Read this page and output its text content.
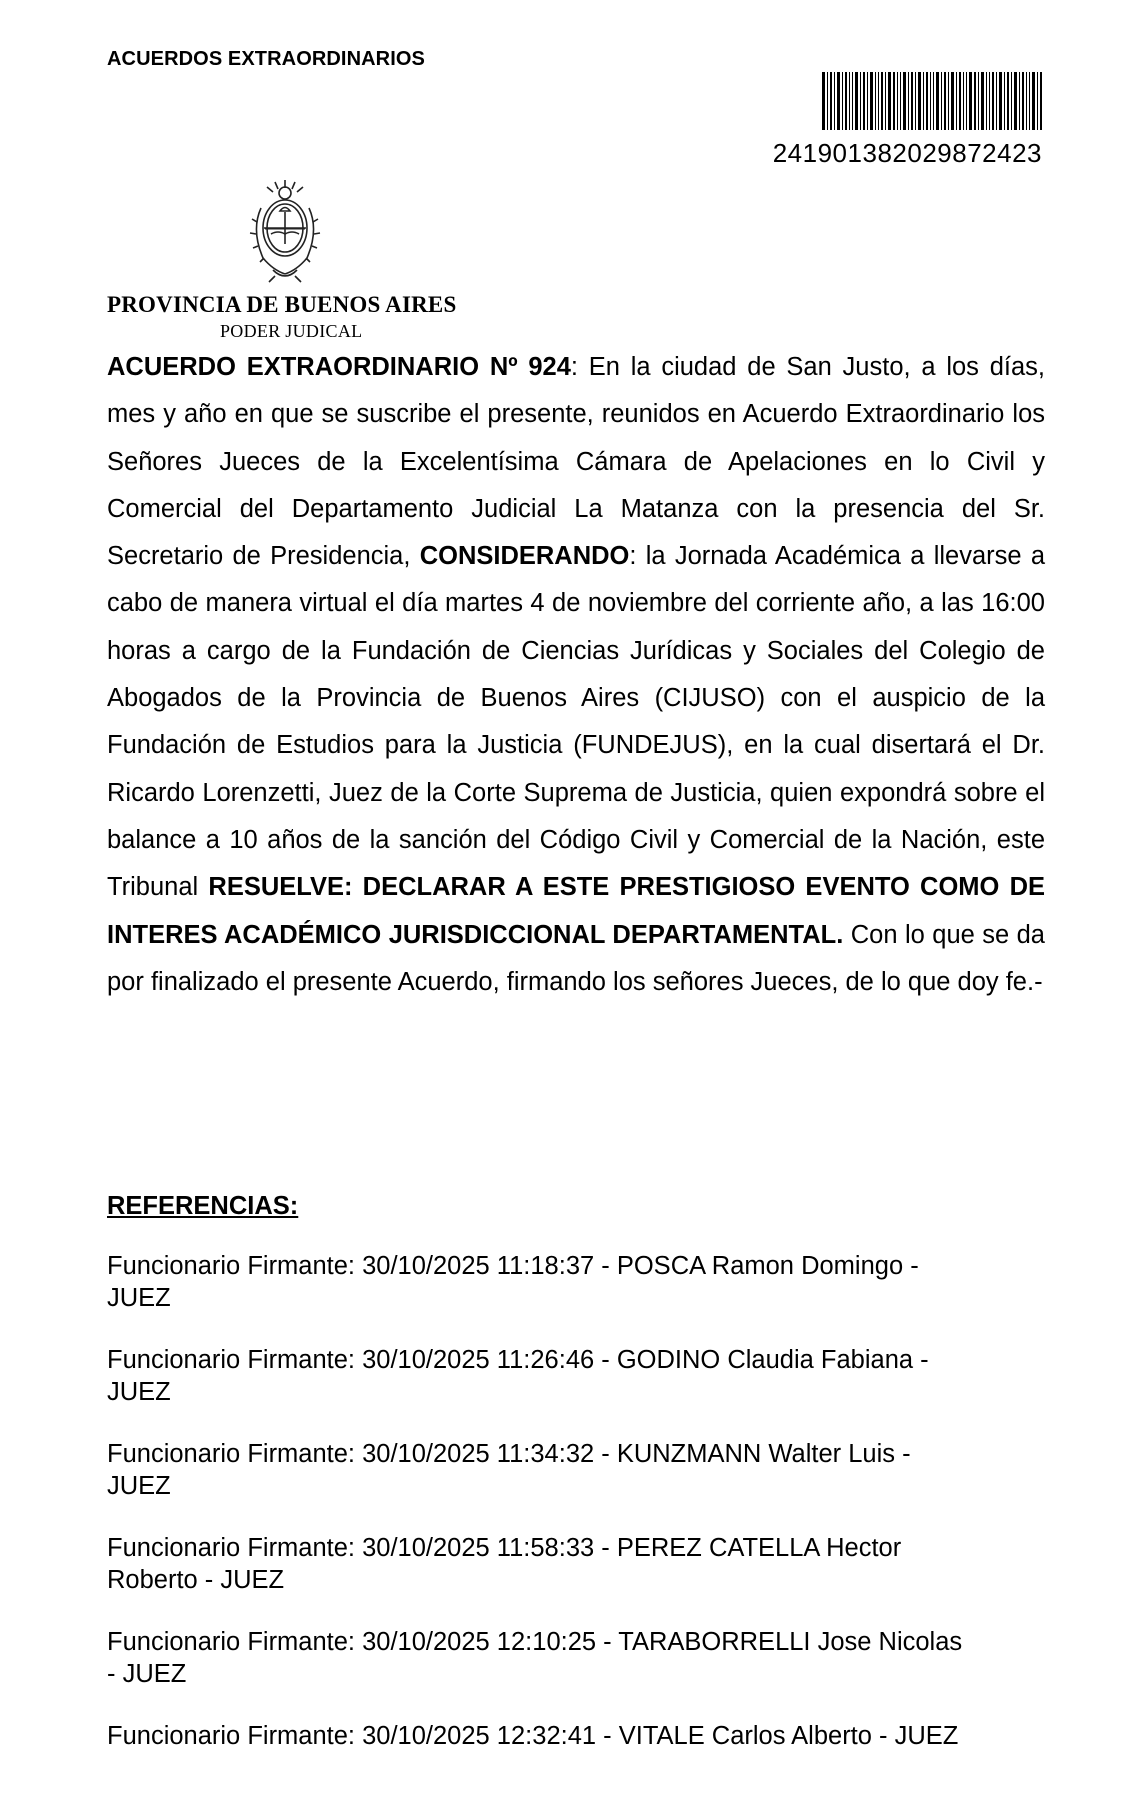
ACUERDOS EXTRAORDINARIOS
241901382029872423
PROVINCIA DE BUENOS AIRES
PODER JUDICAL

ACUERDO EXTRAORDINARIO Nº 924: En la ciudad de San Justo, a los días, mes y año en que se suscribe el presente, reunidos en Acuerdo Extraordinario los Señores Jueces de la Excelentísima Cámara de Apelaciones en lo Civil y Comercial del Departamento Judicial La Matanza con la presencia del Sr. Secretario de Presidencia, CONSIDERANDO: la Jornada Académica a llevarse a cabo de manera virtual el día martes 4 de noviembre del corriente año, a las 16:00 horas a cargo de la Fundación de Ciencias Jurídicas y Sociales del Colegio de Abogados de la Provincia de Buenos Aires (CIJUSO) con el auspicio de la Fundación de Estudios para la Justicia (FUNDEJUS), en la cual disertará el Dr. Ricardo Lorenzetti, Juez de la Corte Suprema de Justicia, quien expondrá sobre el balance a 10 años de la sanción del Código Civil y Comercial de la Nación, este Tribunal RESUELVE: DECLARAR A ESTE PRESTIGIOSO EVENTO COMO DE INTERES ACADÉMICO JURISDICCIONAL DEPARTAMENTAL. Con lo que se da por finalizado el presente Acuerdo, firmando los señores Jueces, de lo que doy fe.-

REFERENCIAS:
Funcionario Firmante: 30/10/2025 11:18:37 - POSCA Ramon Domingo -
JUEZ
Funcionario Firmante: 30/10/2025 11:26:46 - GODINO Claudia Fabiana -
JUEZ
Funcionario Firmante: 30/10/2025 11:34:32 - KUNZMANN Walter Luis -
JUEZ
Funcionario Firmante: 30/10/2025 11:58:33 - PEREZ CATELLA Hector
Roberto - JUEZ
Funcionario Firmante: 30/10/2025 12:10:25 - TARABORRELLI Jose Nicolas
- JUEZ
Funcionario Firmante: 30/10/2025 12:32:41 - VITALE Carlos Alberto - JUEZ
